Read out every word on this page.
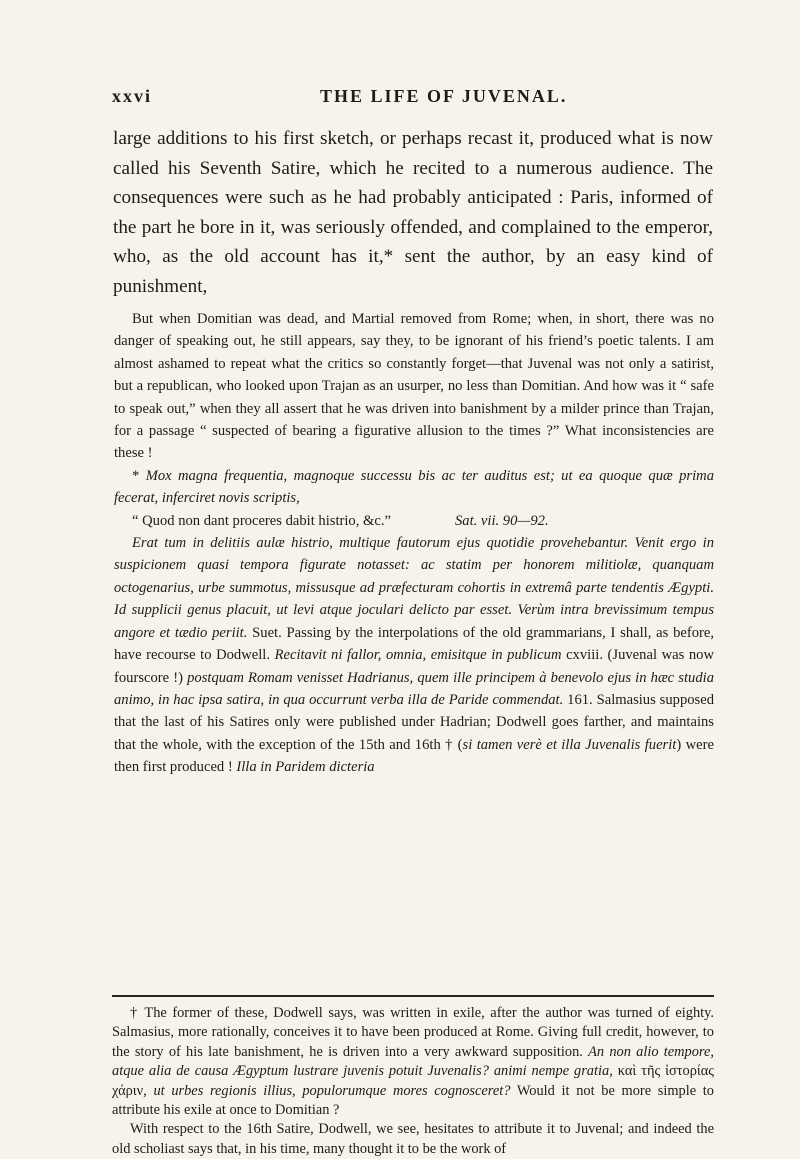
xxvi	THE LIFE OF JUVENAL.
large additions to his first sketch, or perhaps recast it, produced what is now called his Seventh Satire, which he recited to a numerous audience. The consequences were such as he had probably anticipated : Paris, informed of the part he bore in it, was seriously offended, and complained to the emperor, who, as the old account has it,* sent the author, by an easy kind of punishment,

But when Domitian was dead, and Martial removed from Rome; when, in short, there was no danger of speaking out, he still appears, say they, to be ignorant of his friend’s poetic talents. I am almost ashamed to repeat what the critics so constantly forget—that Juvenal was not only a satirist, but a republican, who looked upon Trajan as an usurper, no less than Domitian. And how was it “ safe to speak out,” when they all assert that he was driven into banishment by a milder prince than Trajan, for a passage “ suspected of bearing a figurative allusion to the times ?” What inconsistencies are these !

* Mox magna frequentia, magnoque successu bis ac ter auditus est; ut ea quoque quæ prima fecerat, inferciret novis scriptis,

“ Quod non dant proceres dabit histrio, &c.”	Sat. vii. 90—92.

Erat tum in delitiis aulæ histrio, multique fautorum ejus quotidie provehebantur. Venit ergo in suspicionem quasi tempora figurate notasset: ac statim per honorem militiolæ, quanquam octogenarius, urbe summotus, missusque ad præfecturam cohortis in extremâ parte tendentis Ægypti. Id supplicii genus placuit, ut levi atque joculari delicto par esset. Verùm intra brevissimum tempus angore et tædio periit. Suet. Passing by the interpolations of the old grammarians, I shall, as before, have recourse to Dodwell. Recitavit ni fallor, omnia, emisitque in publicum cxviii. (Juvenal was now fourscore !) postquam Romam venisset Hadrianus, quem ille principem à benevolo ejus in hæc studia animo, in hac ipsa satira, in qua occurrunt verba illa de Paride commendat. 161. Salmasius supposed that the last of his Satires only were published under Hadrian; Dodwell goes farther, and maintains that the whole, with the exception of the 15th and 16th † (si tamen verè et illa Juvenalis fuerit) were then first produced ! Illa in Paridem dicteria

† The former of these, Dodwell says, was written in exile, after the author was turned of eighty. Salmasius, more rationally, conceives it to have been produced at Rome. Giving full credit, however, to the story of his late banishment, he is driven into a very awkward supposition. An non alio tempore, atque alia de causa Ægyptum lustrare juvenis potuit Juvenalis? animi nempe gratia, καὶ τῆς ἱστορίας χάριν, ut urbes regionis illius, populorumque mores cognosceret? Would it not be more simple to attribute his exile at once to Domitian ?

With respect to the 16th Satire, Dodwell, we see, hesitates to attribute it to Juvenal; and indeed the old scholiast says that, in his time, many thought it to be the work of
